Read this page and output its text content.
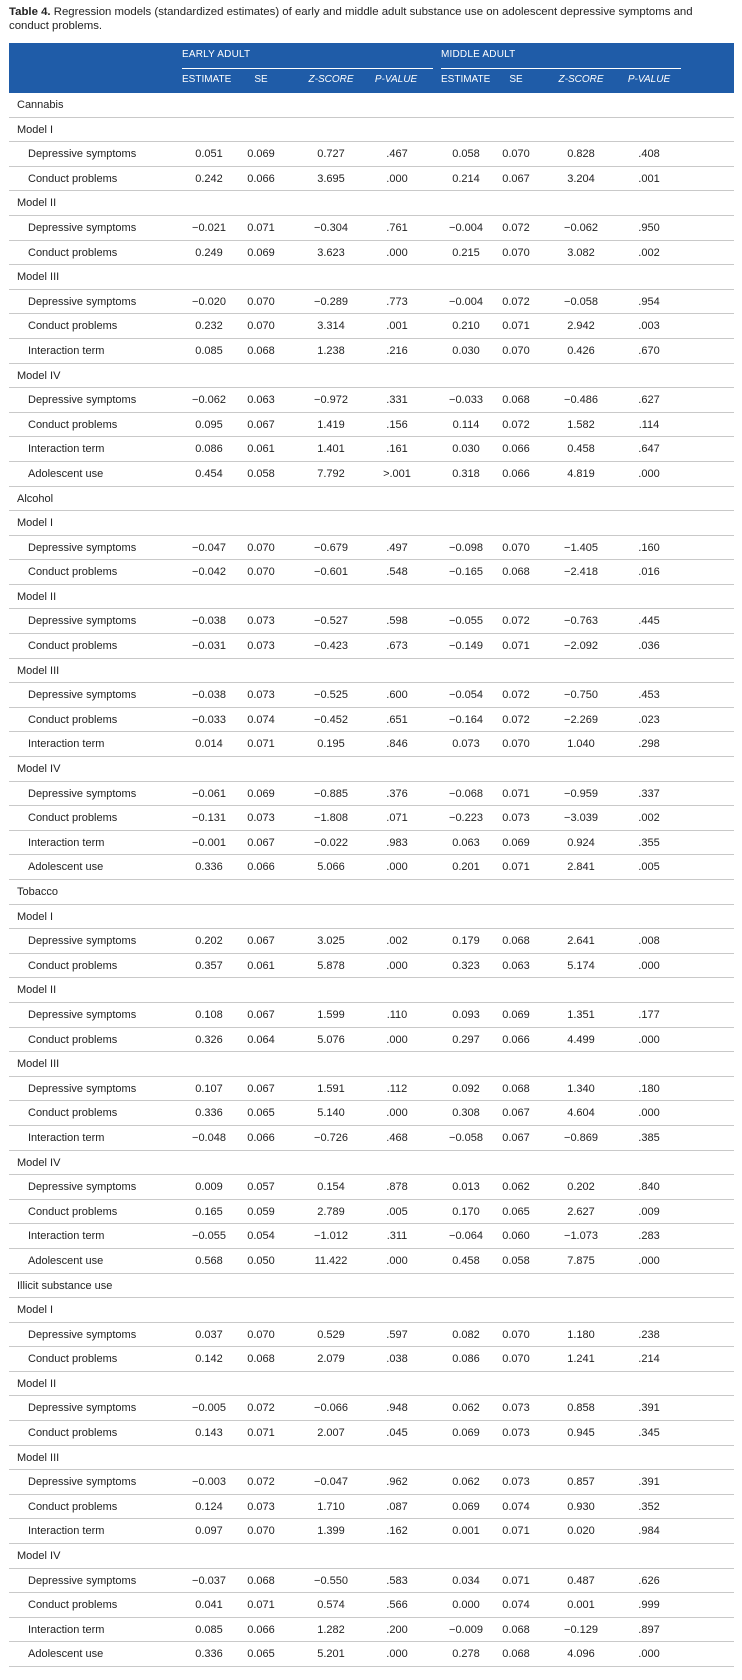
Table 4. Regression models (standardized estimates) of early and middle adult substance use on adolescent depressive symptoms and conduct problems.
EARLY ADULT	MIDDLE ADULT
ESTIMATE	SE	Z-SCORE	P-VALUE	ESTIMATE	SE	Z-SCORE	P-VALUE
Cannabis
Model I
Depressive symptoms	0.051	0.069	0.727	.467	0.058	0.070	0.828	.408
Conduct problems	0.242	0.066	3.695	.000	0.214	0.067	3.204	.001
Model II
Depressive symptoms	−0.021	0.071	−0.304	.761	−0.004	0.072	−0.062	.950
Conduct problems	0.249	0.069	3.623	.000	0.215	0.070	3.082	.002
Model III
Depressive symptoms	−0.020	0.070	−0.289	.773	−0.004	0.072	−0.058	.954
Conduct problems	0.232	0.070	3.314	.001	0.210	0.071	2.942	.003
Interaction term	0.085	0.068	1.238	.216	0.030	0.070	0.426	.670
Model IV
Depressive symptoms	−0.062	0.063	−0.972	.331	−0.033	0.068	−0.486	.627
Conduct problems	0.095	0.067	1.419	.156	0.114	0.072	1.582	.114
Interaction term	0.086	0.061	1.401	.161	0.030	0.066	0.458	.647
Adolescent use	0.454	0.058	7.792	>.001	0.318	0.066	4.819	.000
Alcohol
Model I
Depressive symptoms	−0.047	0.070	−0.679	.497	−0.098	0.070	−1.405	.160
Conduct problems	−0.042	0.070	−0.601	.548	−0.165	0.068	−2.418	.016
Model II
Depressive symptoms	−0.038	0.073	−0.527	.598	−0.055	0.072	−0.763	.445
Conduct problems	−0.031	0.073	−0.423	.673	−0.149	0.071	−2.092	.036
Model III
Depressive symptoms	−0.038	0.073	−0.525	.600	−0.054	0.072	−0.750	.453
Conduct problems	−0.033	0.074	−0.452	.651	−0.164	0.072	−2.269	.023
Interaction term	0.014	0.071	0.195	.846	0.073	0.070	1.040	.298
Model IV
Depressive symptoms	−0.061	0.069	−0.885	.376	−0.068	0.071	−0.959	.337
Conduct problems	−0.131	0.073	−1.808	.071	−0.223	0.073	−3.039	.002
Interaction term	−0.001	0.067	−0.022	.983	0.063	0.069	0.924	.355
Adolescent use	0.336	0.066	5.066	.000	0.201	0.071	2.841	.005
Tobacco
Model I
Depressive symptoms	0.202	0.067	3.025	.002	0.179	0.068	2.641	.008
Conduct problems	0.357	0.061	5.878	.000	0.323	0.063	5.174	.000
Model II
Depressive symptoms	0.108	0.067	1.599	.110	0.093	0.069	1.351	.177
Conduct problems	0.326	0.064	5.076	.000	0.297	0.066	4.499	.000
Model III
Depressive symptoms	0.107	0.067	1.591	.112	0.092	0.068	1.340	.180
Conduct problems	0.336	0.065	5.140	.000	0.308	0.067	4.604	.000
Interaction term	−0.048	0.066	−0.726	.468	−0.058	0.067	−0.869	.385
Model IV
Depressive symptoms	0.009	0.057	0.154	.878	0.013	0.062	0.202	.840
Conduct problems	0.165	0.059	2.789	.005	0.170	0.065	2.627	.009
Interaction term	−0.055	0.054	−1.012	.311	−0.064	0.060	−1.073	.283
Adolescent use	0.568	0.050	11.422	.000	0.458	0.058	7.875	.000
Illicit substance use
Model I
Depressive symptoms	0.037	0.070	0.529	.597	0.082	0.070	1.180	.238
Conduct problems	0.142	0.068	2.079	.038	0.086	0.070	1.241	.214
Model II
Depressive symptoms	−0.005	0.072	−0.066	.948	0.062	0.073	0.858	.391
Conduct problems	0.143	0.071	2.007	.045	0.069	0.073	0.945	.345
Model III
Depressive symptoms	−0.003	0.072	−0.047	.962	0.062	0.073	0.857	.391
Conduct problems	0.124	0.073	1.710	.087	0.069	0.074	0.930	.352
Interaction term	0.097	0.070	1.399	.162	0.001	0.071	0.020	.984
Model IV
Depressive symptoms	−0.037	0.068	−0.550	.583	0.034	0.071	0.487	.626
Conduct problems	0.041	0.071	0.574	.566	0.000	0.074	0.001	.999
Interaction term	0.085	0.066	1.282	.200	−0.009	0.068	−0.129	.897
Adolescent use	0.336	0.065	5.201	.000	0.278	0.068	4.096	.000
